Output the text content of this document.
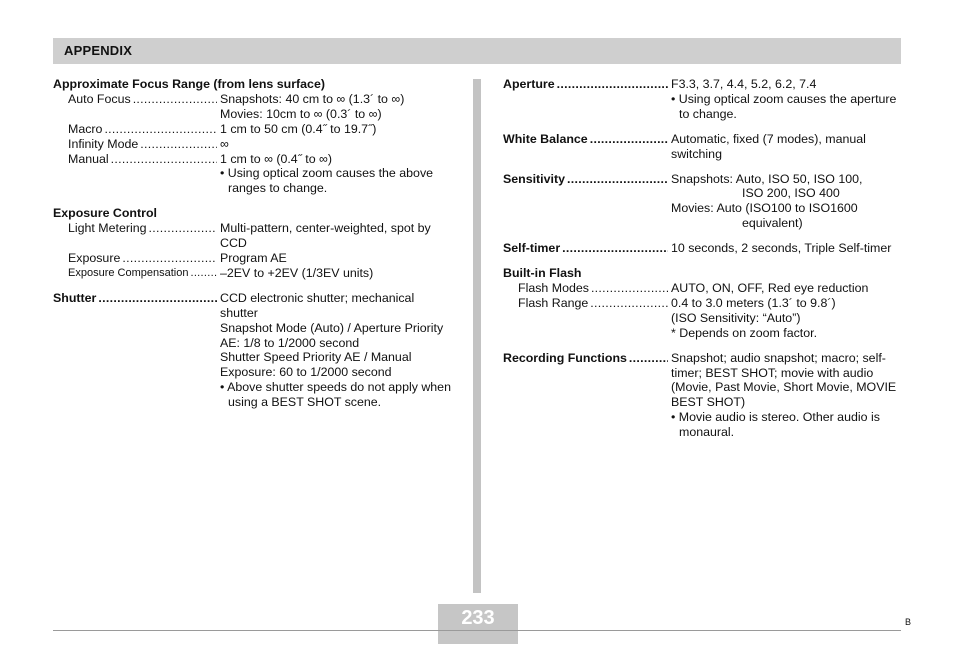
APPENDIX
Approximate Focus Range (from lens surface)
Auto Focus .....	Snapshots: 40 cm to ∞ (1.3´ to ∞)
Movies: 10cm to ∞ (0.3´ to ∞)
Macro .....	1 cm to 50 cm (0.4˝ to 19.7˝)
Infinity Mode .....	∞
Manual .....	1 cm to ∞ (0.4˝ to ∞)
• Using optical zoom causes the above ranges to change.
Exposure Control
Light Metering .....	Multi-pattern, center-weighted, spot by CCD
Exposure .....	Program AE
Exposure Compensation .....	–2EV to +2EV (1/3EV units)
Shutter .....	CCD electronic shutter; mechanical shutter
Snapshot Mode (Auto) / Aperture Priority AE: 1/8 to 1/2000 second
Shutter Speed Priority AE / Manual Exposure: 60 to 1/2000 second
• Above shutter speeds do not apply when using a BEST SHOT scene.
Aperture .....	F3.3, 3.7, 4.4, 5.2, 6.2, 7.4
• Using optical zoom causes the aperture to change.
White Balance .....	Automatic, fixed (7 modes), manual switching
Sensitivity .....	Snapshots: Auto, ISO 50, ISO 100,
ISO 200, ISO 400
Movies: Auto (ISO100 to ISO1600
equivalent)
Self-timer .....	10 seconds, 2 seconds, Triple Self-timer
Built-in Flash
Flash Modes .....	AUTO, ON, OFF, Red eye reduction
Flash Range .....	0.4 to 3.0 meters (1.3´ to 9.8´)
(ISO Sensitivity: “Auto”)
* Depends on zoom factor.
Recording Functions .....	Snapshot; audio snapshot; macro; self-timer; BEST SHOT; movie with audio (Movie, Past Movie, Short Movie, MOVIE BEST SHOT)
• Movie audio is stereo. Other audio is monaural.
233	B
